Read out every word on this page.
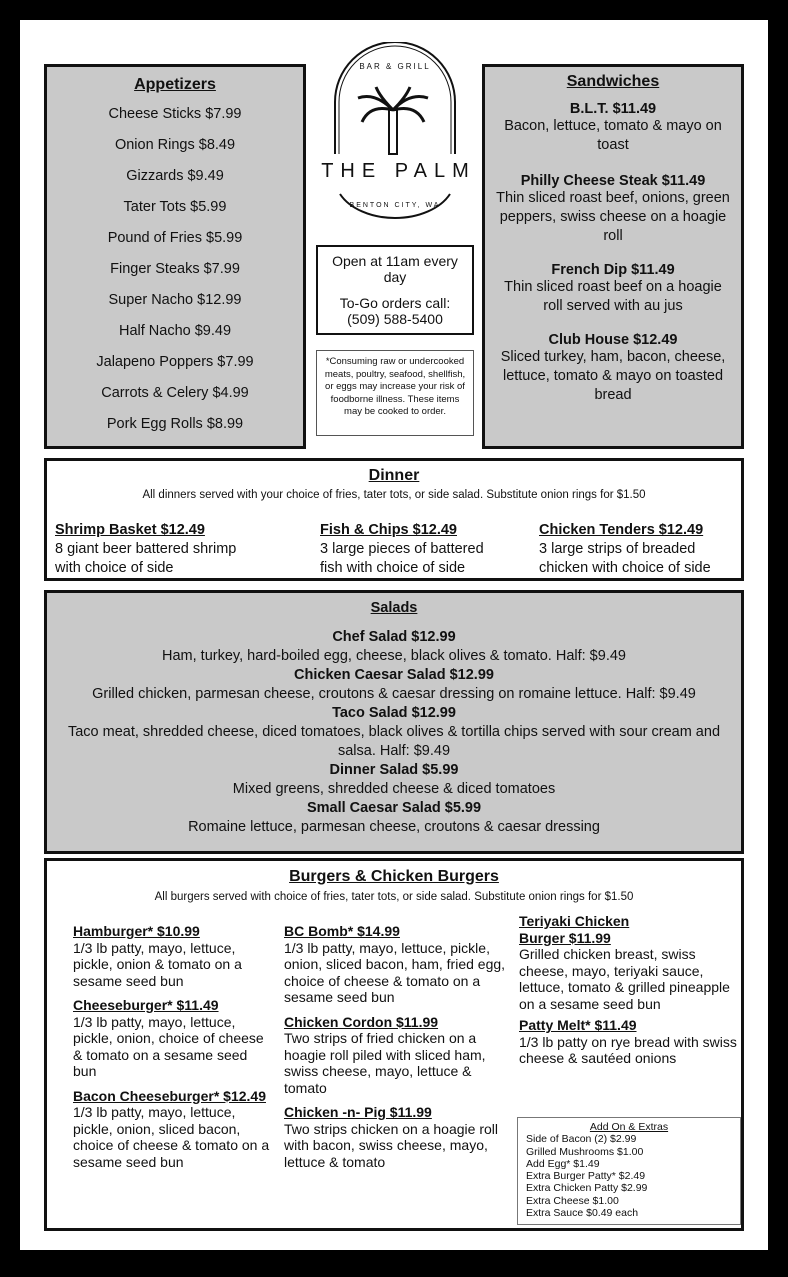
Appetizers
Cheese Sticks $7.99
Onion Rings $8.49
Gizzards $9.49
Tater Tots $5.99
Pound of Fries $5.99
Finger Steaks $7.99
Super Nacho $12.99
Half Nacho $9.49
Jalapeno Poppers $7.99
Carrots & Celery $4.99
Pork Egg Rolls $8.99
BAR & GRILL
THE PALM
BENTON CITY, WA
Open at 11am every day
To-Go orders call:
(509) 588-5400
*Consuming raw or undercooked meats, poultry, seafood, shellfish, or eggs may increase your risk of foodborne illness. These items may be cooked to order.
Sandwiches
B.L.T. $11.49
Bacon, lettuce, tomato & mayo on toast
Philly Cheese Steak $11.49
Thin sliced roast beef, onions, green peppers, swiss cheese on a hoagie roll
French Dip $11.49
Thin sliced roast beef on a hoagie roll served with au jus
Club House $12.49
Sliced turkey, ham, bacon, cheese, lettuce, tomato & mayo on toasted bread
Dinner
All dinners served with your choice of fries, tater tots, or side salad. Substitute onion rings for $1.50
Shrimp Basket $12.49
8 giant beer battered shrimp with choice of side
Fish & Chips $12.49
3 large pieces of battered fish with choice of side
Chicken Tenders $12.49
3 large strips of breaded chicken with choice of side
Salads
Chef Salad $12.99
Ham, turkey, hard-boiled egg, cheese, black olives & tomato. Half: $9.49
Chicken Caesar Salad $12.99
Grilled chicken, parmesan cheese, croutons & caesar dressing on romaine lettuce. Half: $9.49
Taco Salad $12.99
Taco meat, shredded cheese, diced tomatoes, black olives & tortilla chips served with sour cream and salsa. Half: $9.49
Dinner Salad $5.99
Mixed greens, shredded cheese & diced tomatoes
Small Caesar Salad $5.99
Romaine lettuce, parmesan cheese, croutons & caesar dressing
Burgers & Chicken Burgers
All burgers served with choice of fries, tater tots, or side salad. Substitute onion rings for $1.50
Hamburger* $10.99
1/3 lb patty, mayo, lettuce, pickle, onion & tomato on a sesame seed bun
Cheeseburger* $11.49
1/3 lb patty, mayo, lettuce, pickle, onion, choice of cheese & tomato on a sesame seed bun
Bacon Cheeseburger* $12.49
1/3 lb patty, mayo, lettuce, pickle, onion, sliced bacon, choice of cheese & tomato on a sesame seed bun
BC Bomb* $14.99
1/3 lb patty, mayo, lettuce, pickle, onion, sliced bacon, ham, fried egg, choice of cheese & tomato on a sesame seed bun
Chicken Cordon $11.99
Two strips of fried chicken on a hoagie roll piled with sliced ham, swiss cheese, mayo, lettuce & tomato
Chicken -n- Pig $11.99
Two strips chicken on a hoagie roll with bacon, swiss cheese, mayo, lettuce & tomato
Teriyaki Chicken Burger $11.99
Grilled chicken breast, swiss cheese, mayo, teriyaki sauce, lettuce, tomato & grilled pineapple on a sesame seed bun
Patty Melt* $11.49
1/3 lb patty on rye bread with swiss cheese & sautéed onions
Add On & Extras
Side of Bacon (2) $2.99
Grilled Mushrooms $1.00
Add Egg* $1.49
Extra Burger Patty* $2.49
Extra Chicken Patty $2.99
Extra Cheese $1.00
Extra Sauce $0.49 each
